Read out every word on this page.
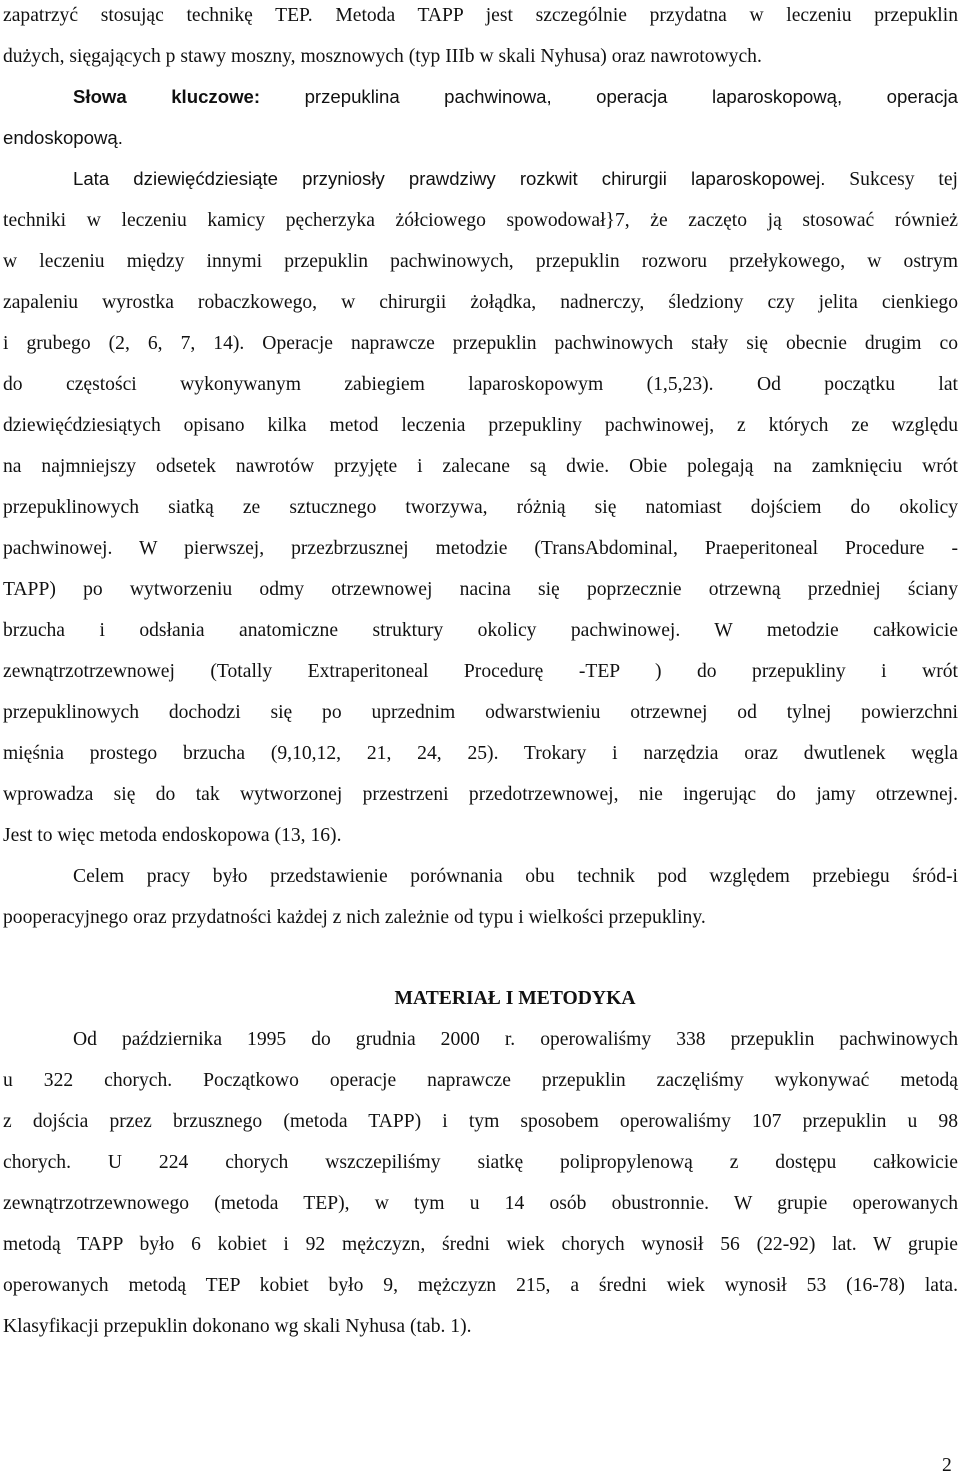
zapatrzyć stosując technikę TEP. Metoda TAPP jest szczególnie przydatna w leczeniu przepuklin
dużych, sięgających p stawy moszny, mosznowych (typ IIIb w skali Nyhusa) oraz nawrotowych.
Słowa kluczowe: przepuklina pachwinowa, operacja laparoskopową, operacja
endoskopową.
Lata dziewięćdziesiąte przyniosły prawdziwy rozkwit chirurgii laparoskopowej. Sukcesy tej
techniki w leczeniu kamicy pęcherzyka żółciowego spowodował}7, że zaczęto ją stosować również
w leczeniu między innymi przepuklin pachwinowych, przepuklin rozworu przełykowego, w ostrym
zapaleniu wyrostka robaczkowego, w chirurgii żołądka, nadnerczy, śledziony czy jelita cienkiego
i grubego (2, 6, 7, 14). Operacje naprawcze przepuklin pachwinowych stały się obecnie drugim co
do częstości wykonywanym zabiegiem laparoskopowym (1,5,23). Od początku lat
dziewięćdziesiątych opisano kilka metod leczenia przepukliny pachwinowej, z których ze względu
na najmniejszy odsetek nawrotów przyjęte i zalecane są dwie. Obie polegają na zamknięciu wrót
przepuklinowych siatką ze sztucznego tworzywa, różnią się natomiast dojściem do okolicy
pachwinowej. W pierwszej, przezbrzusznej metodzie (TransAbdominal, Praeperitoneal Procedure -
TAPP) po wytworzeniu odmy otrzewnowej nacina się poprzecznie otrzewną przedniej ściany
brzucha i odsłania anatomiczne struktury okolicy pachwinowej. W metodzie całkowicie
zewnątrzotrzewnowej (Totally Extraperitoneal Procedurę -TEP ) do przepukliny i wrót
przepuklinowych dochodzi się po uprzednim odwarstwieniu otrzewnej od tylnej powierzchni
mięśnia prostego brzucha (9,10,12, 21, 24, 25). Trokary i narzędzia oraz dwutlenek węgla
wprowadza się do tak wytworzonej przestrzeni przedotrzewnowej, nie ingerując do jamy otrzewnej.
Jest to więc metoda endoskopowa (13, 16).
Celem pracy było przedstawienie porównania obu technik pod względem przebiegu śród-i
pooperacyjnego oraz przydatności każdej z nich zależnie od typu i wielkości przepukliny.
MATERIAŁ I METODYKA
Od października 1995 do grudnia 2000 r. operowaliśmy 338 przepuklin pachwinowych
u 322 chorych. Początkowo operacje naprawcze przepuklin zaczęliśmy wykonywać metodą
z dojścia przez brzusznego (metoda TAPP) i tym sposobem operowaliśmy 107 przepuklin u 98
chorych. U 224 chorych wszczepiliśmy siatkę polipropylenową z dostępu całkowicie
zewnątrzotrzewnowego (metoda TEP), w tym u 14 osób obustronnie. W grupie operowanych
metodą TAPP było 6 kobiet i 92 mężczyzn, średni wiek chorych wynosił 56 (22-92) lat. W grupie
operowanych metodą TEP kobiet było 9, mężczyzn 215, a średni wiek wynosił 53 (16-78) lata.
Klasyfikacji przepuklin dokonano wg skali Nyhusa (tab. 1).
2
